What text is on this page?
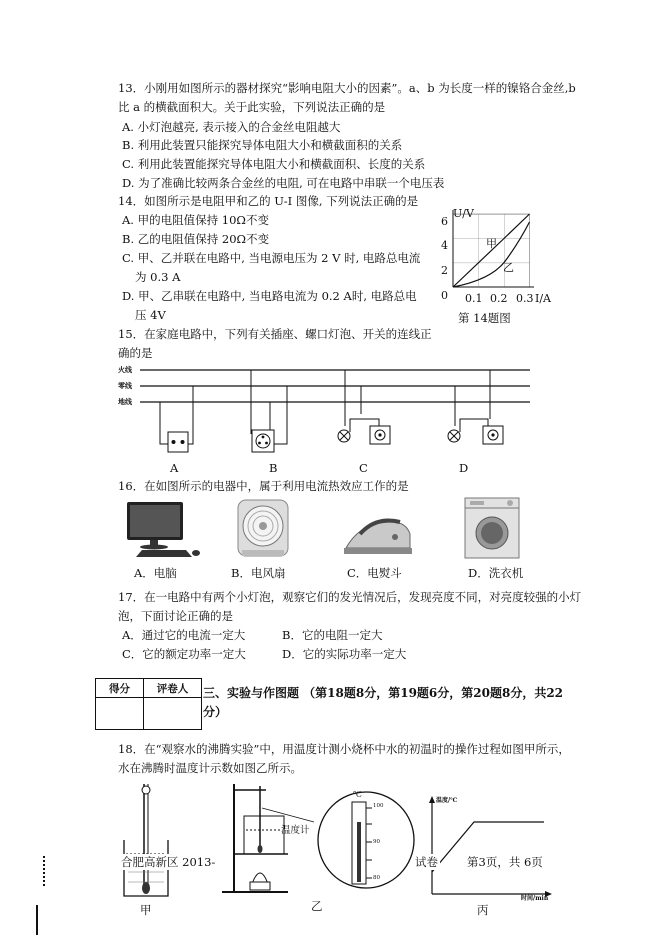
13．小刚用如图所示的器材探究“影响电阻大小的因素”。a、b 为长度一样的镍铬合金丝,b
比 a 的横截面积大。关于此实验，下列说法正确的是
A. 小灯泡越亮, 表示接入的合金丝电阻越大
B. 利用此装置只能探究导体电阻大小和横截面积的关系
C. 利用此装置能探究导体电阻大小和横截面积、长度的关系
D. 为了准确比较两条合金丝的电阻, 可在电路中串联一个电压表
14．如图所示是电阻甲和乙的 U-I 图像, 下列说法正确的是
A. 甲的电阻值保持 10Ω不变
B. 乙的电阻值保持 20Ω不变
C. 甲、乙并联在电路中, 当电源电压为 2 V 时, 电路总电流
为 0.3 A
D. 甲、乙串联在电路中, 当电路电流为 0.2 A时, 电路总电
压 4V
U/V
6
4
2
0 0.1 0.2 0.3 I/A
甲
乙
第 14题图
15．在家庭电路中，下列有关插座、螺口灯泡、开关的连线正
确的是
火线
零线
地线
A	B	C	D
16．在如图所示的电器中，属于利用电流热效应工作的是
A．电脑	B．电风扇	C．电熨斗	D．洗衣机
17．在一电路中有两个小灯泡，观察它们的发光情况后，发现亮度不同，对亮度较强的小灯
泡，下面讨论正确的是
A．通过它的电流一定大	B．它的电阻一定大
C．它的额定功率一定大	D．它的实际功率一定大
得分	评卷人
	三、实验与作图题 （第18题8分，第19题6分，第20题8分，共22
分）
18．在“观察水的沸腾实验”中，用温度计测小烧杯中水的初温时的操作过程如图甲所示，
水在沸腾时温度计示数如图乙所示。
温度计
℃
100
90
80
温度/℃
时间/min
甲	乙	丙
合肥高新区 2013-	试卷	第3页，共 6页
